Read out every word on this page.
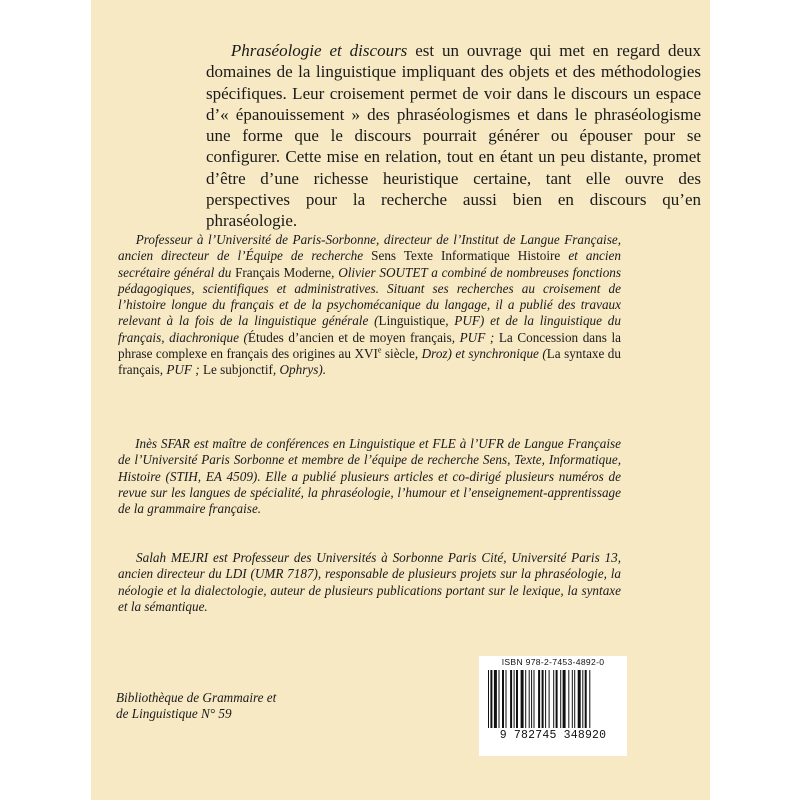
  Phraséologie et discours est un ouvrage qui met en regard deux domaines de la linguistique impliquant des objets et des méthodologies spécifiques. Leur croisement permet de voir dans le discours un espace d’« épanouissement » des phraséologismes et dans le phraséologisme une forme que le discours pourrait générer ou épouser pour se configurer. Cette mise en relation, tout en étant un peu distante, promet d’être d’une richesse heuristique certaine, tant elle ouvre des perspectives pour la recherche aussi bien en discours qu’en phraséologie.
  Professeur à l’Université de Paris-Sorbonne, directeur de l’Institut de Langue Française, ancien directeur de l’Équipe de recherche Sens Texte Informatique Histoire et ancien secrétaire général du Français Moderne, Olivier SOUTET a combiné de nombreuses fonctions pédagogiques, scientifiques et administratives. Situant ses recherches au croisement de l’histoire longue du français et de la psychomécanique du langage, il a publié des travaux relevant à la fois de la linguistique générale (Linguistique, PUF) et de la linguistique du français, diachronique (Études d’ancien et de moyen français, PUF ; La Concession dans la phrase complexe en français des origines au XVIe siècle, Droz) et synchronique (La syntaxe du français, PUF ; Le subjonctif, Ophrys).
  Inès SFAR est maître de conférences en Linguistique et FLE à l’UFR de Langue Française de l’Université Paris Sorbonne et membre de l’équipe de recherche Sens, Texte, Informatique, Histoire (STIH, EA 4509). Elle a publié plusieurs articles et co-dirigé plusieurs numéros de revue sur les langues de spécialité, la phraséologie, l’humour et l’enseignement-apprentissage de la grammaire française.
  Salah MEJRI est Professeur des Universités à Sorbonne Paris Cité, Université Paris 13, ancien directeur du LDI (UMR 7187), responsable de plusieurs projets sur la phraséologie, la néologie et la dialectologie, auteur de plusieurs publications portant sur le lexique, la syntaxe et la sémantique.
Bibliothèque de Grammaire et
de Linguistique N° 59
ISBN 978-2-7453-4892-0
9 782745 348920
